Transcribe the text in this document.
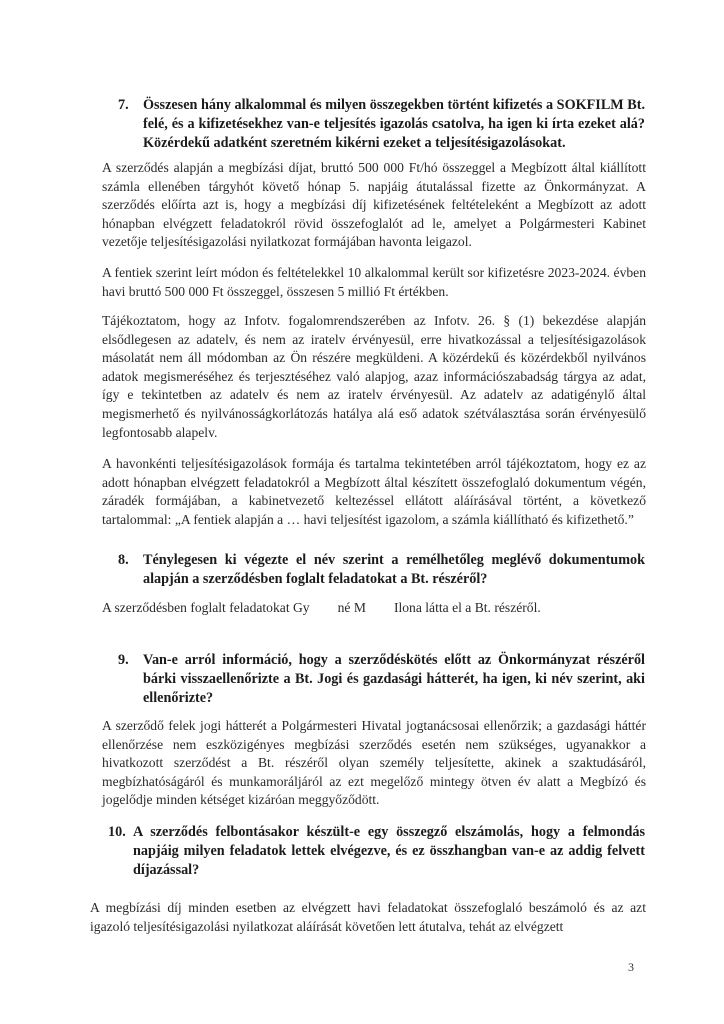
7. Összesen hány alkalommal és milyen összegekben történt kifizetés a SOKFILM Bt. felé, és a kifizetésekhez van-e teljesítés igazolás csatolva, ha igen ki írta ezeket alá? Közérdekű adatként szeretném kikérni ezeket a teljesítésigazolásokat.
A szerződés alapján a megbízási díjat, bruttó 500 000 Ft/hó összeggel a Megbízott által kiállított számla ellenében tárgyhót követő hónap 5. napjáig átutalással fizette az Önkormányzat. A szerződés előírta azt is, hogy a megbízási díj kifizetésének feltételeként a Megbízott az adott hónapban elvégzett feladatokról rövid összefoglalót ad le, amelyet a Polgármesteri Kabinet vezetője teljesítésigazolási nyilatkozat formájában havonta leigazol.
A fentiek szerint leírt módon és feltételekkel 10 alkalommal került sor kifizetésre 2023-2024. évben havi bruttó 500 000 Ft összeggel, összesen 5 millió Ft értékben.
Tájékoztatom, hogy az Infotv. fogalomrendszerében az Infotv. 26. § (1) bekezdése alapján elsődlegesen az adatelv, és nem az iratelv érvényesül, erre hivatkozással a teljesítésigazolások másolatát nem áll módomban az Ön részére megküldeni. A közérdekű és közérdekből nyilvános adatok megismeréséhez és terjesztéséhez való alapjog, azaz információszabadság tárgya az adat, így e tekintetben az adatelv és nem az iratelv érvényesül. Az adatelv az adatigénylő által megismerhető és nyilvánosságkorlátozás hatálya alá eső adatok szétválasztása során érvényesülő legfontosabb alapelv.
A havonkénti teljesítésigazolások formája és tartalma tekintetében arról tájékoztatom, hogy ez az adott hónapban elvégzett feladatokról a Megbízott által készített összefoglaló dokumentum végén, záradék formájában, a kabinetvezető keltezéssel ellátott aláírásával történt, a következő tartalommal: „A fentiek alapján a … havi teljesítést igazolom, a számla kiállítható és kifizethető.”
8. Ténylegesen ki végezte el név szerint a remélhetőleg meglévő dokumentumok alapján a szerződésben foglalt feladatokat a Bt. részéről?
A szerződésben foglalt feladatokat Gy né M Ilona látta el a Bt. részéről.
9. Van-e arról információ, hogy a szerződéskötés előtt az Önkormányzat részéről bárki visszaellenőrizte a Bt. Jogi és gazdasági hátterét, ha igen, ki név szerint, aki ellenőrizte?
A szerződő felek jogi hátterét a Polgármesteri Hivatal jogtanácsosai ellenőrzik; a gazdasági háttér ellenőrzése nem eszközigényes megbízási szerződés esetén nem szükséges, ugyanakkor a hivatkozott szerződést a Bt. részéről olyan személy teljesítette, akinek a szaktudásáról, megbízhatóságáról és munkamoráljáról az ezt megelőző mintegy ötven év alatt a Megbízó és jogelődje minden kétséget kizáróan meggyőződött.
10. A szerződés felbontásakor készült-e egy összegző elszámolás, hogy a felmondás napjáig milyen feladatok lettek elvégezve, és ez összhangban van-e az addig felvett díjazással?
A megbízási díj minden esetben az elvégzett havi feladatokat összefoglaló beszámoló és az azt igazoló teljesítésigazolási nyilatkozat aláírását követően lett átutalva, tehát az elvégzett
3
